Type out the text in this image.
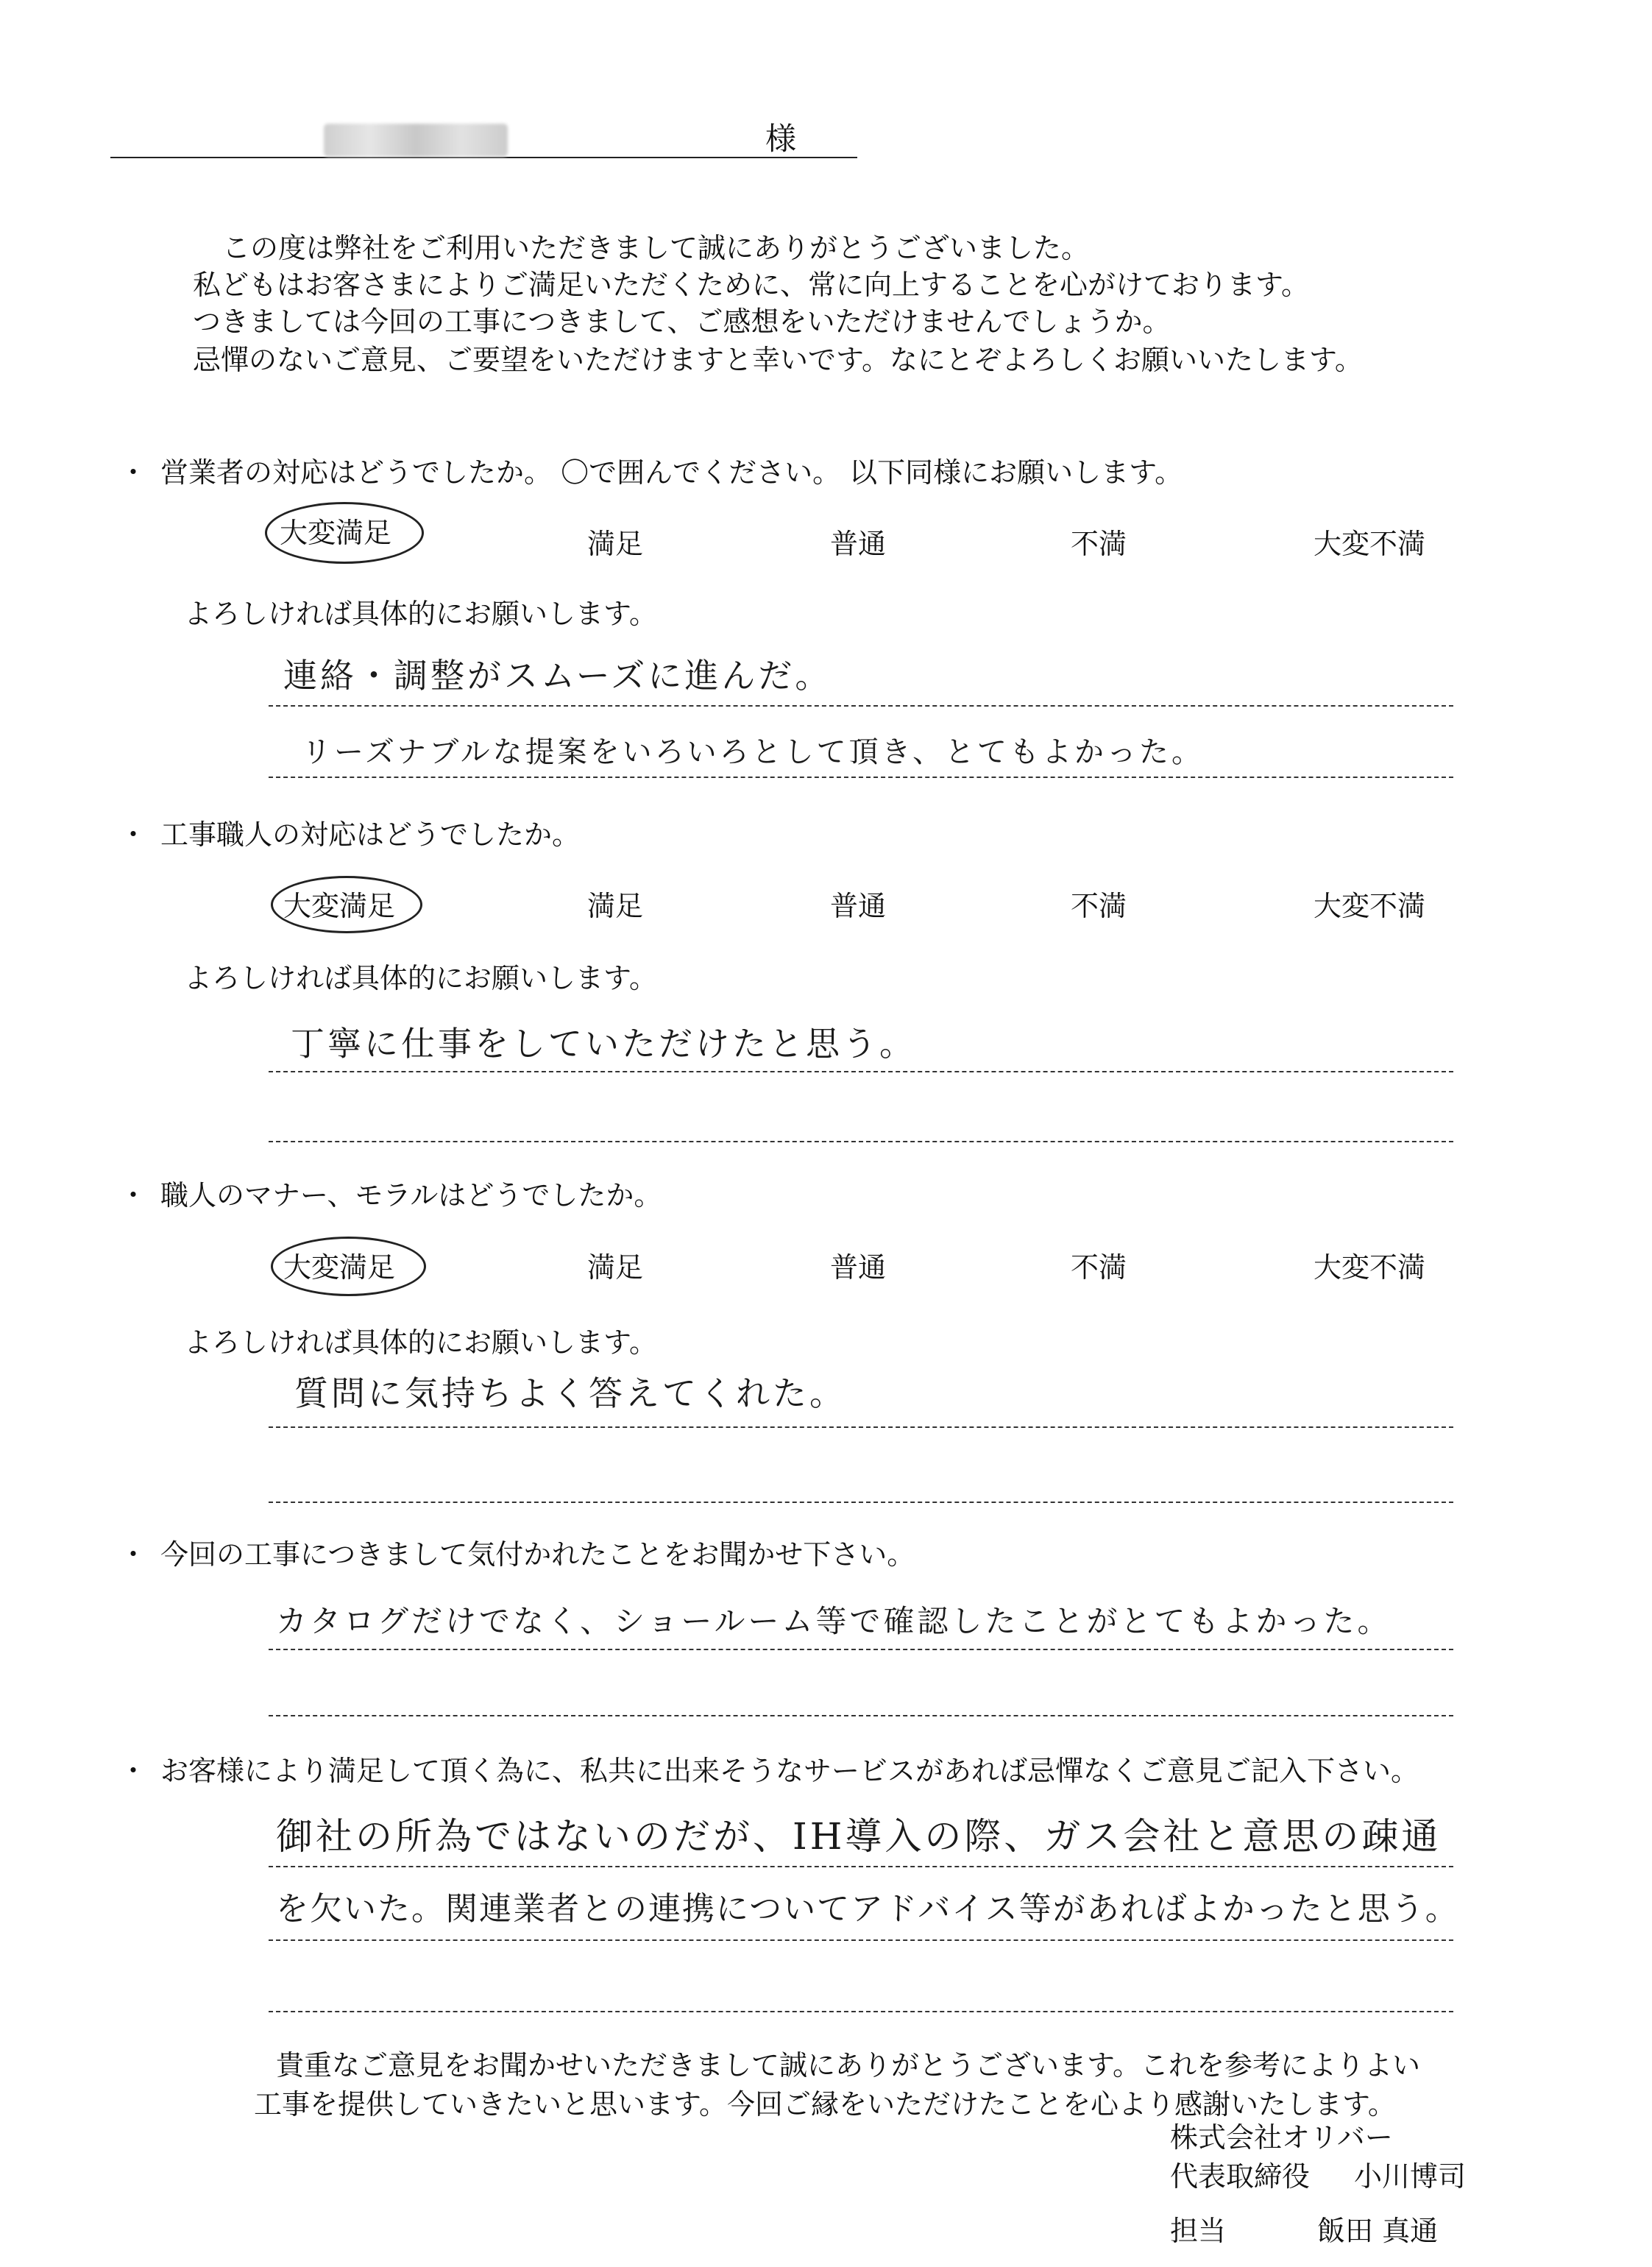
様
この度は弊社をご利用いただきまして誠にありがとうございました。
私どもはお客さまによりご満足いただくために、常に向上することを心がけております。
つきましては今回の工事につきまして、ご感想をいただけませんでしょうか。
忌憚のないご意見、ご要望をいただけますと幸いです。なにとぞよろしくお願いいたします。
・ 営業者の対応はどうでしたか。 〇で囲んでください。 以下同様にお願いします。
大変満足	満足	普通	不満	大変不満
よろしければ具体的にお願いします。
連絡・調整がスムーズに進んだ。
リーズナブルな提案をいろいろとして頂き、とてもよかった。
・ 工事職人の対応はどうでしたか。
大変満足	満足	普通	不満	大変不満
よろしければ具体的にお願いします。
丁寧に仕事をしていただけたと思う。
・ 職人のマナー、モラルはどうでしたか。
大変満足	満足	普通	不満	大変不満
よろしければ具体的にお願いします。
質問に気持ちよく答えてくれた。
・ 今回の工事につきまして気付かれたことをお聞かせ下さい。
カタログだけでなく、ショールーム等で確認したことがとてもよかった。
・ お客様により満足して頂く為に、私共に出来そうなサービスがあれば忌憚なくご意見ご記入下さい。
御社の所為ではないのだが、IH導入の際、ガス会社と意思の疎通
を欠いた。関連業者との連携についてアドバイス等があればよかったと思う。
貴重なご意見をお聞かせいただきまして誠にありがとうございます。これを参考によりよい
工事を提供していきたいと思います。今回ご縁をいただけたことを心より感謝いたします。
株式会社オリバー
代表取締役 小川博司
担当	飯田 真通
